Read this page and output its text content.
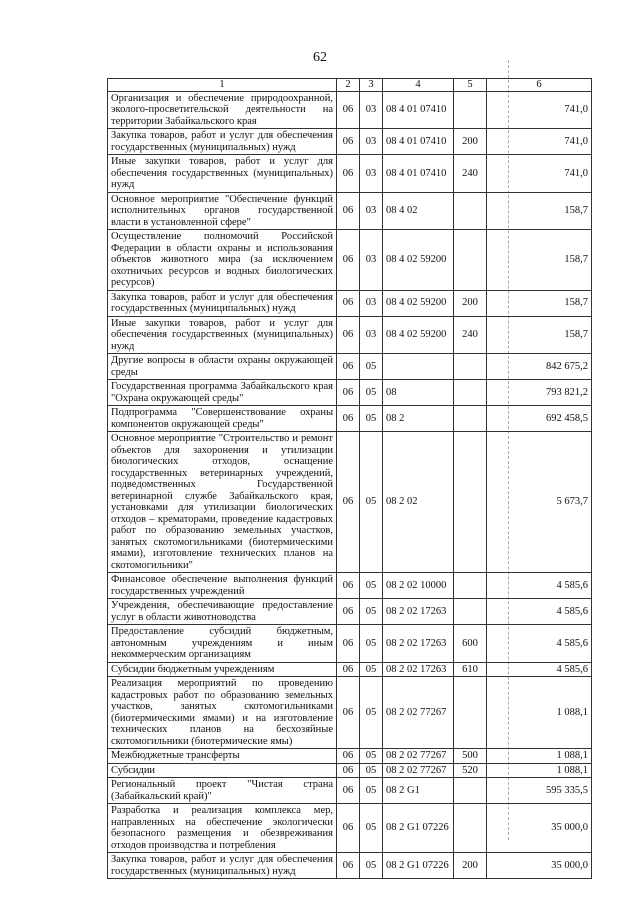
62
1	2	3	4	5	6
Организация и обеспечение природоохранной, эколого-просветительской деятельности на территории Забайкальского края	06	03	08 4 01 07410		741,0
Закупка товаров, работ и услуг для обеспечения государственных (муниципальных) нужд	06	03	08 4 01 07410	200	741,0
Иные закупки товаров, работ и услуг для обеспечения государственных (муниципальных) нужд	06	03	08 4 01 07410	240	741,0
Основное мероприятие "Обеспечение функций исполнительных органов государственной власти в установленной сфере"	06	03	08 4 02		158,7
Осуществление полномочий Российской Федерации в области охраны и использования объектов животного мира (за исключением охотничьих ресурсов и водных биологических ресурсов)	06	03	08 4 02 59200		158,7
Закупка товаров, работ и услуг для обеспечения государственных (муниципальных) нужд	06	03	08 4 02 59200	200	158,7
Иные закупки товаров, работ и услуг для обеспечения государственных (муниципальных) нужд	06	03	08 4 02 59200	240	158,7
Другие вопросы в области охраны окружающей среды	06	05			842 675,2
Государственная программа Забайкальского края "Охрана окружающей среды"	06	05	08		793 821,2
Подпрограмма "Совершенствование охраны компонентов окружающей среды"	06	05	08 2		692 458,5
Основное мероприятие "Строительство и ремонт объектов для захоронения и утилизации биологических отходов, оснащение государственных ветеринарных учреждений, подведомственных Государственной ветеринарной службе Забайкальского края, установками для утилизации биологических отходов – крематорами, проведение кадастровых работ по образованию земельных участков, занятых скотомогильниками (биотермическими ямами), изготовление технических планов на скотомогильники"	06	05	08 2 02		5 673,7
Финансовое обеспечение выполнения функций государственных учреждений	06	05	08 2 02 10000		4 585,6
Учреждения, обеспечивающие предоставление услуг в области животноводства	06	05	08 2 02 17263		4 585,6
Предоставление субсидий бюджетным, автономным учреждениям и иным некоммерческим организациям	06	05	08 2 02 17263	600	4 585,6
Субсидии бюджетным учреждениям	06	05	08 2 02 17263	610	4 585,6
Реализация мероприятий по проведению кадастровых работ по образованию земельных участков, занятых скотомогильниками (биотермическими ямами) и на изготовление технических планов на бесхозяйные скотомогильники (биотермические ямы)	06	05	08 2 02 77267		1 088,1
Межбюджетные трансферты	06	05	08 2 02 77267	500	1 088,1
Субсидии	06	05	08 2 02 77267	520	1 088,1
Региональный проект "Чистая страна (Забайкальский край)"	06	05	08 2 G1		595 335,5
Разработка и реализация комплекса мер, направленных на обеспечение экологически безопасного размещения и обезвреживания отходов производства и потребления	06	05	08 2 G1 07226		35 000,0
Закупка товаров, работ и услуг для обеспечения государственных (муниципальных) нужд	06	05	08 2 G1 07226	200	35 000,0
